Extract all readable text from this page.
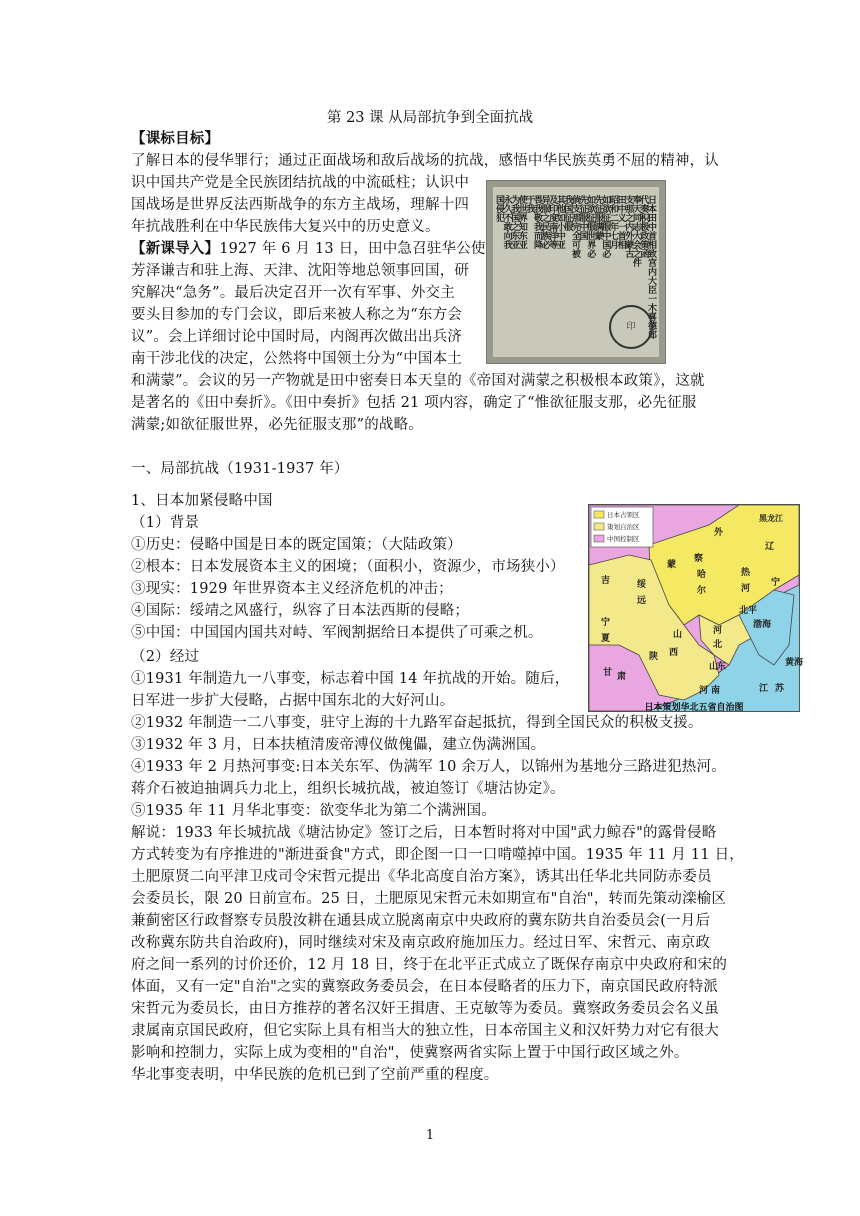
第 23 课 从局部抗争到全面抗战
【课标目标】
了解日本的侵华罪行；通过正面战场和敌后战场的抗战，感悟中华民族英勇不屈的精神，认
识中国共产党是全民族团结抗战的中流砥柱；认识中
国战场是世界反法西斯战争的东方主战场，理解十四
年抗战胜利在中华民族伟大复兴中的历史意义。
【新课导入】1927 年 6 月 13 日，田中急召驻华公使
芳泽谦吉和驻上海、天津、沈阳等地总领事回国，研
究解决“急务”。最后决定召开一次有军事、外交主
要头目参加的专门会议，即后来被人称之为“东方会
议”。会上详细讨论中国时局，内阁再次做出出兵济
南干涉北伐的决定，公然将中国领土分为“中国本土
和满蒙”。会议的另一产物就是田中密奏日本天皇的《帝国对满蒙之积极根本政策》，这就
是著名的《田中奏折》。《田中奏折》包括 21 项内容，确定了“惟欲征服支那，必先征服
满蒙;如欲征服世界，必先征服支那”的战略。
一、局部抗战（1931-1937 年）
1、日本加紧侵略中国
（1）背景
①历史：侵略中国是日本的既定国策；（大陆政策）
②根本：日本发展资本主义的困境；（面积小，资源少，市场狭小）
③现实：1929 年世界资本主义经济危机的冲击；
④国际：绥靖之风盛行，纵容了日本法西斯的侵略；
⑤中国：中国国内国共对峙、军阀割据给日本提供了可乘之机。
（2）经过
①1931 年制造九一八事变，标志着中国 14 年抗战的开始。随后，
日军进一步扩大侵略，占据中国东北的大好河山。
②1932 年制造一二八事变，驻守上海的十九路军奋起抵抗，得到全国民众的积极支援。
③1932 年 3 月，日本扶植清废帝溥仪做傀儡，建立伪满洲国。
④1933 年 2 月热河事变:日本关东军、伪满军 10 余万人，以锦州为基地分三路进犯热河。
蒋介石被迫抽调兵力北上，组织长城抗战，被迫签订《塘沽协定》。
⑤1935 年 11 月华北事变：欲变华北为第二个满洲国。
解说：1933 年长城抗战《塘沽协定》签订之后，日本暂时将对中国"武力鲸吞"的露骨侵略
方式转变为有序推进的"渐进蚕食"方式，即企图一口一口啃噬掉中国。1935 年 11 月 11 日，
土肥原贤二向平津卫戍司令宋哲元提出《华北高度自治方案》，诱其出任华北共同防赤委员
会委员长，限 20 日前宣布。25 日，土肥原见宋哲元未如期宣布"自治"，转而先策动滦榆区
兼蓟密区行政督察专员殷汝耕在通县成立脱离南京中央政府的冀东防共自治委员会(一月后
改称冀东防共自治政府)，同时继续对宋及南京政府施加压力。经过日军、宋哲元、南京政
府之间一系列的讨价还价，12 月 18 日，终于在北平正式成立了既保存南京中央政府和宋的
体面，又有一定"自治"之实的冀察政务委员会，在日本侵略者的压力下，南京国民政府特派
宋哲元为委员长，由日方推荐的著名汉奸王揖唐、王克敏等为委员。冀察政务委员会名义虽
隶属南京国民政府，但它实际上具有相当大的独立性，日本帝国主义和汉奸势力对它有很大
影响和控制力，实际上成为变相的"自治"，使冀察两省实际上置于中国行政区域之外。
华北事变表明，中华民族的危机已到了空前严重的程度。
日本田中首相致宫内大臣一木喜德郎
代奏积极政策函
奉天同志大会之件
支那之内外蒙古
田中义一首相
昭和二年七月
如欲征服中国必
先征服满蒙
如欲征服世界必
先征服中国
倘支那完全可被
我国征服
其他如小中亚
及印度南洋等
异服之民族必
畏我敬我而降
于我
使世界知东亚
为我国之东亚
永久不敢向我
国侵犯
印
日本占领区
策划自治区
中国控制区
黑龙江
外
蒙
察
哈
尔
辽
宁
热
河
吉	绥
远
北平
宁
夏	山
西
河
北
渤海
山
东
陕
甘 肃
河 南	江 苏
黄海
日本策划华北五省自治图
1
